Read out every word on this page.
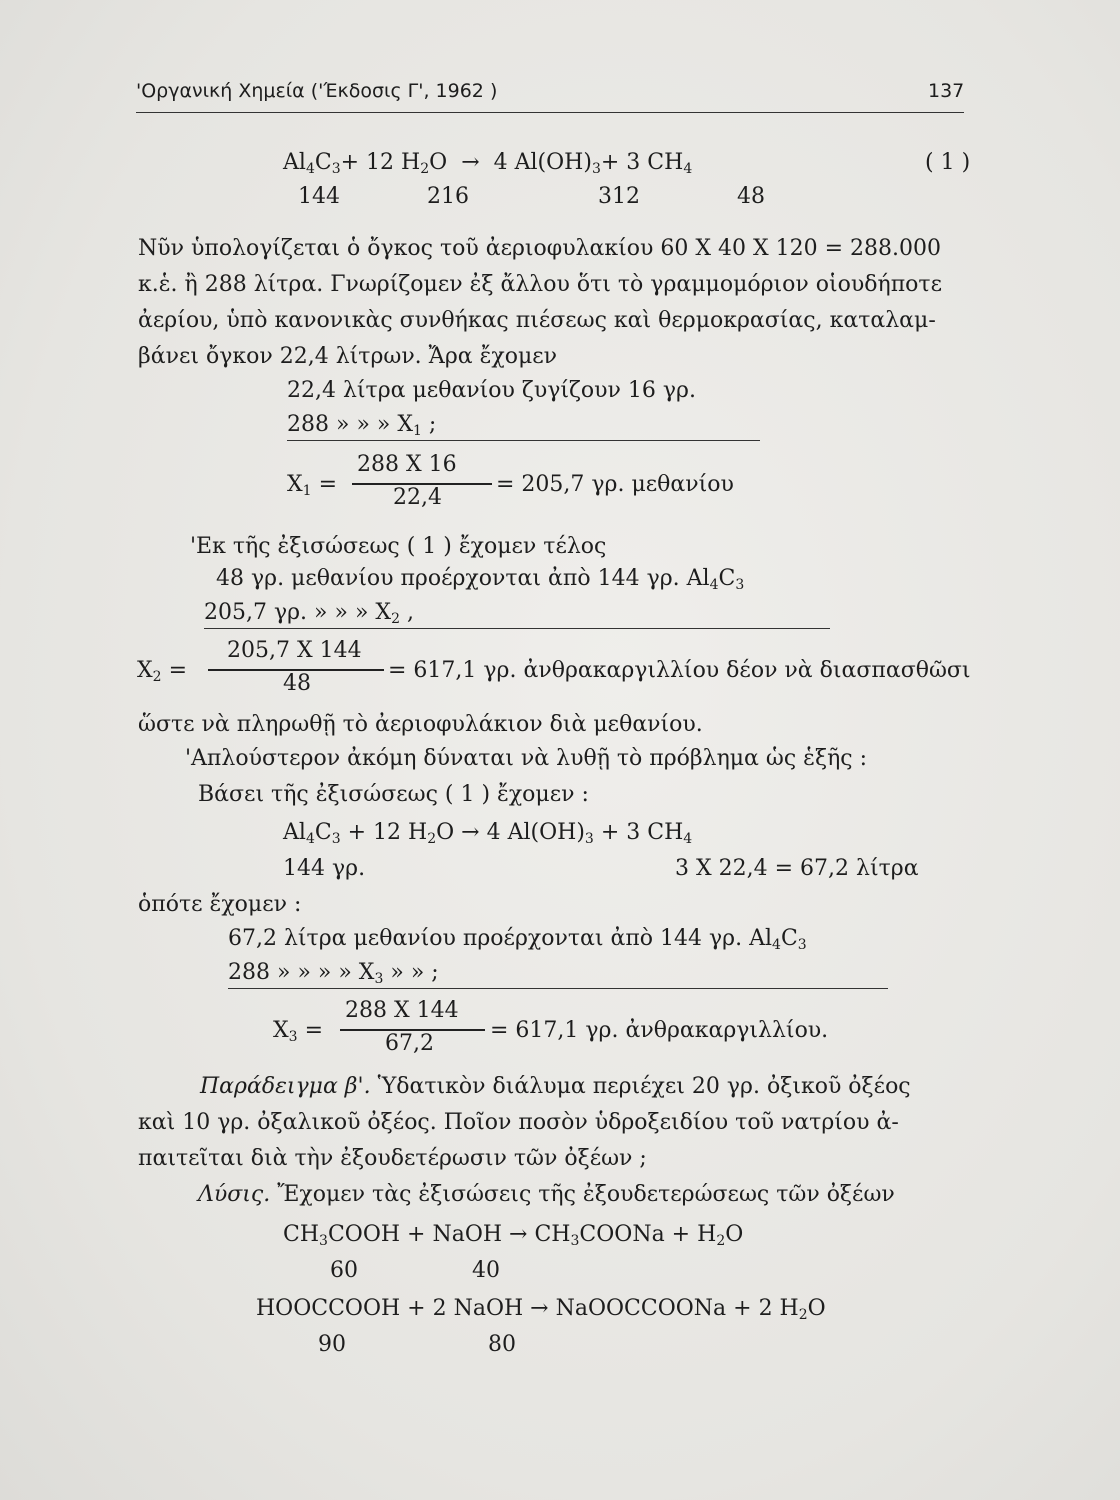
'Οργανική Χημεία ('Έκδοσις Γ', 1962 )	137
$Al_4C_3+ 12$ $H_2O \to 4$ $Al(OH)_3+ 3$ $CH_4$	( 1 )
144	216	312	48
Νῦν ὑπολογίζεται ὁ ὄγκος τοῦ ἀεριοφυλακίου 60 X 40 X 120 = 288.000
κ.ἑ. ἢ 288 λίτρα. Γνωρίζομεν ἐξ ἄλλου ὅτι τὸ γραμμομόριον οἱουδήποτε
ἀερίου, ὑπὸ κανονικὰς συνθήκας πιέσεως καὶ θερμοκρασίας, καταλαμ-
βάνει ὄγκον 22,4 λίτρων. Ἄρα ἔχομεν
22,4 λίτρα μεθανίου ζυγίζουν 16 γρ.
288 » » » $X_1$ ;
$X_1$ =
288 X 16
22,4
= 205,7 γρ. μεθανίου
'Εκ τῆς ἐξισώσεως ( 1 ) ἔχομεν τέλος
48 γρ. μεθανίου προέρχονται ἀπὸ 144 γρ. $Al_4C_3$
205,7 γρ. » » » $X_2$ ,
$X_2$ =
205,7 X 144
48
= 617,1 γρ. ἀνθρακαργιλλίου δέον νὰ διασπασθῶσι
ὥστε νὰ πληρωθῇ τὸ ἀεριοφυλάκιον διὰ μεθανίου.
'Απλούστερον ἀκόμη δύναται νὰ λυθῇ τὸ πρόβλημα ὡς ἑξῆς :
Βάσει τῆς ἐξισώσεως ( 1 ) ἔχομεν :
$Al_4C_3 + 12$ $H_2O \to 4$ $Al(OH)_3 + 3$ $CH_4$
144 γρ.	3 X 22,4 = 67,2 λίτρα
ὁπότε ἔχομεν :
67,2 λίτρα μεθανίου προέρχονται ἀπὸ 144 γρ. $Al_4C_3$
288 » » » » $X_3$ » » ;
$X_3$ =
288 X 144
67,2
= 617,1 γρ. ἀνθρακαργιλλίου.
Παράδειγμα β'. Ὑδατικὸν διάλυμα περιέχει 20 γρ. ὀξικοῦ ὀξέος
καὶ 10 γρ. ὀξαλικοῦ ὀξέος. Ποῖον ποσὸν ὑδροξειδίου τοῦ νατρίου ἀ-
παιτεῖται διὰ τὴν ἐξουδετέρωσιν τῶν ὀξέων ;
Λύσις. Ἔχομεν τὰς ἐξισώσεις τῆς ἐξουδετερώσεως τῶν ὀξέων
$CH_3COOH$ + NaOH → $CH_3COONa + H_2O$
60	40
HOOCCOOH + 2 NaOH → NaOOCCOONa + 2 $H_2O$
90	80
